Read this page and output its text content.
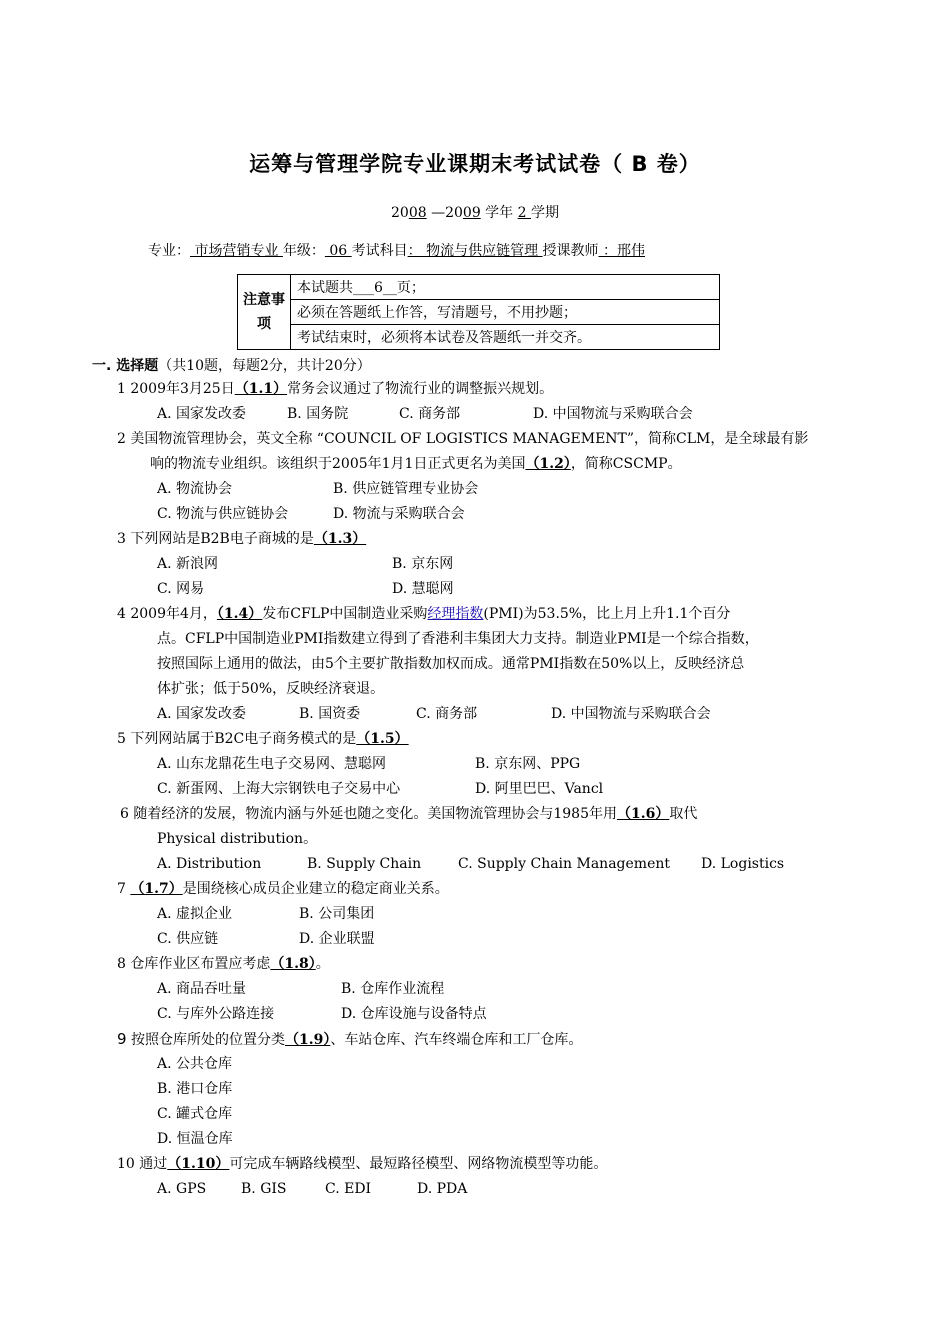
运筹与管理学院专业课期末考试试卷（ B 卷）
2008 —2009 学年 2 学期
专业： 市场营销专业 年级： 06 考试科目： 物流与供应链管理 授课教师 ：邢伟
注意事项	本试题共___6__页；
必须在答题纸上作答，写清题号，不用抄题；
考试结束时，必须将本试卷及答题纸一并交齐。
一. 选择题（共10题，每题2分，共计20分）
1 2009年3月25日（1.1）常务会议通过了物流行业的调整振兴规划。
A. 国家发改委	B. 国务院	C. 商务部	D. 中国物流与采购联合会
2 美国物流管理协会，英文全称 “COUNCIL OF LOGISTICS MANAGEMENT”，简称CLM，是全球最有影
响的物流专业组织。该组织于2005年1月1日正式更名为美国（1.2），简称CSCMP。
A. 物流协会	B. 供应链管理专业协会
C. 物流与供应链协会	D. 物流与采购联合会
3 下列网站是B2B电子商城的是（1.3）
A. 新浪网	B. 京东网
C. 网易	D. 慧聪网
4 2009年4月，（1.4）发布CFLP中国制造业采购经理指数(PMI)为53.5%，比上月上升1.1个百分
点。CFLP中国制造业PMI指数建立得到了香港利丰集团大力支持。制造业PMI是一个综合指数，
按照国际上通用的做法，由5个主要扩散指数加权而成。通常PMI指数在50%以上，反映经济总
体扩张；低于50%，反映经济衰退。
A. 国家发改委	B. 国资委	C. 商务部	D. 中国物流与采购联合会
5 下列网站属于B2C电子商务模式的是（1.5）
A. 山东龙鼎花生电子交易网、慧聪网	B. 京东网、PPG
C. 新蛋网、上海大宗钢铁电子交易中心	D. 阿里巴巴、Vancl
6 随着经济的发展，物流内涵与外延也随之变化。美国物流管理协会与1985年用（1.6）取代
Physical distribution。
A. Distribution	B. Supply Chain	C. Supply Chain Management D. Logistics
7 （1.7）是围绕核心成员企业建立的稳定商业关系。
A. 虚拟企业	B. 公司集团
C. 供应链	D. 企业联盟
8 仓库作业区布置应考虑（1.8）。
A. 商品吞吐量	B. 仓库作业流程
C. 与库外公路连接	D. 仓库设施与设备特点
9 按照仓库所处的位置分类（1.9）、车站仓库、汽车终端仓库和工厂仓库。
A. 公共仓库
B. 港口仓库
C. 罐式仓库
D. 恒温仓库
10 通过（1.10）可完成车辆路线模型、最短路径模型、网络物流模型等功能。
A. GPS B. GIS	C. EDI	D. PDA
